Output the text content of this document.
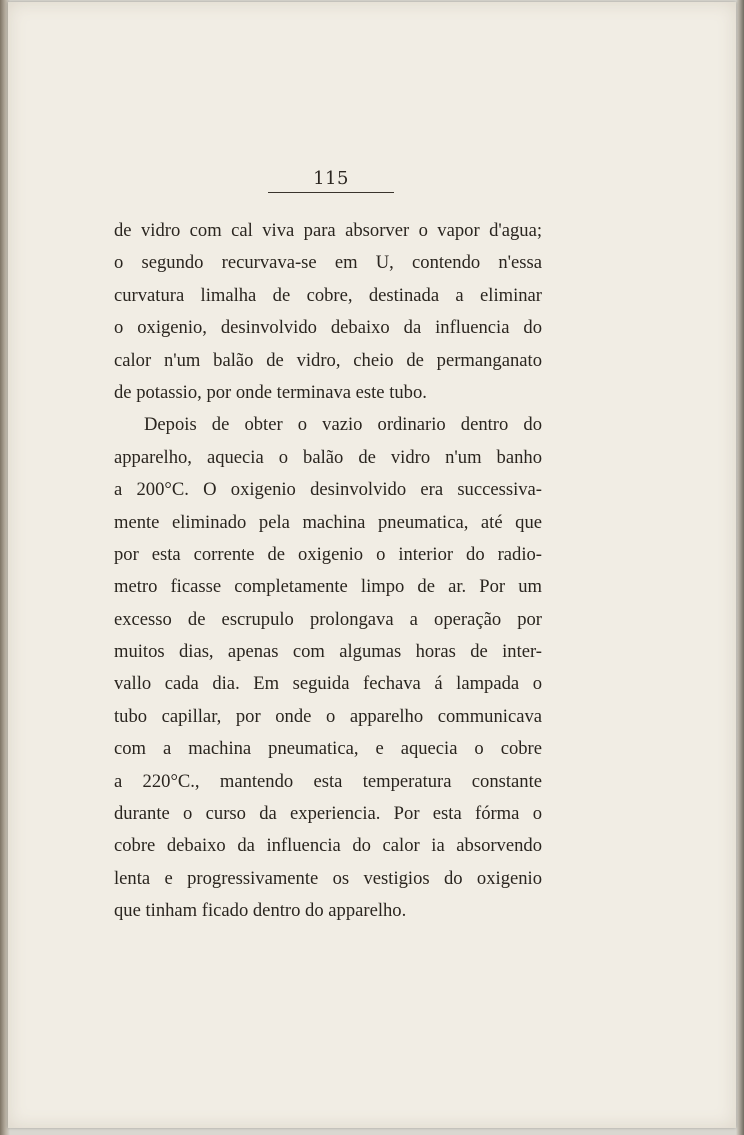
115
de vidro com cal viva para absorver o vapor d'agua;
o segundo recurvava-se em U, contendo n'essa
curvatura limalha de cobre, destinada a eliminar
o oxigenio, desinvolvido debaixo da influencia do
calor n'um balão de vidro, cheio de permanganato
de potassio, por onde terminava este tubo.
Depois de obter o vazio ordinario dentro do
apparelho, aquecia o balão de vidro n'um banho
a 200°C. O oxigenio desinvolvido era successiva-
mente eliminado pela machina pneumatica, até que
por esta corrente de oxigenio o interior do radio-
metro ficasse completamente limpo de ar. Por um
excesso de escrupulo prolongava a operação por
muitos dias, apenas com algumas horas de inter-
vallo cada dia. Em seguida fechava á lampada o
tubo capillar, por onde o apparelho communicava
com a machina pneumatica, e aquecia o cobre
a 220°C., mantendo esta temperatura constante
durante o curso da experiencia. Por esta fórma o
cobre debaixo da influencia do calor ia absorvendo
lenta e progressivamente os vestigios do oxigenio
que tinham ficado dentro do apparelho.
